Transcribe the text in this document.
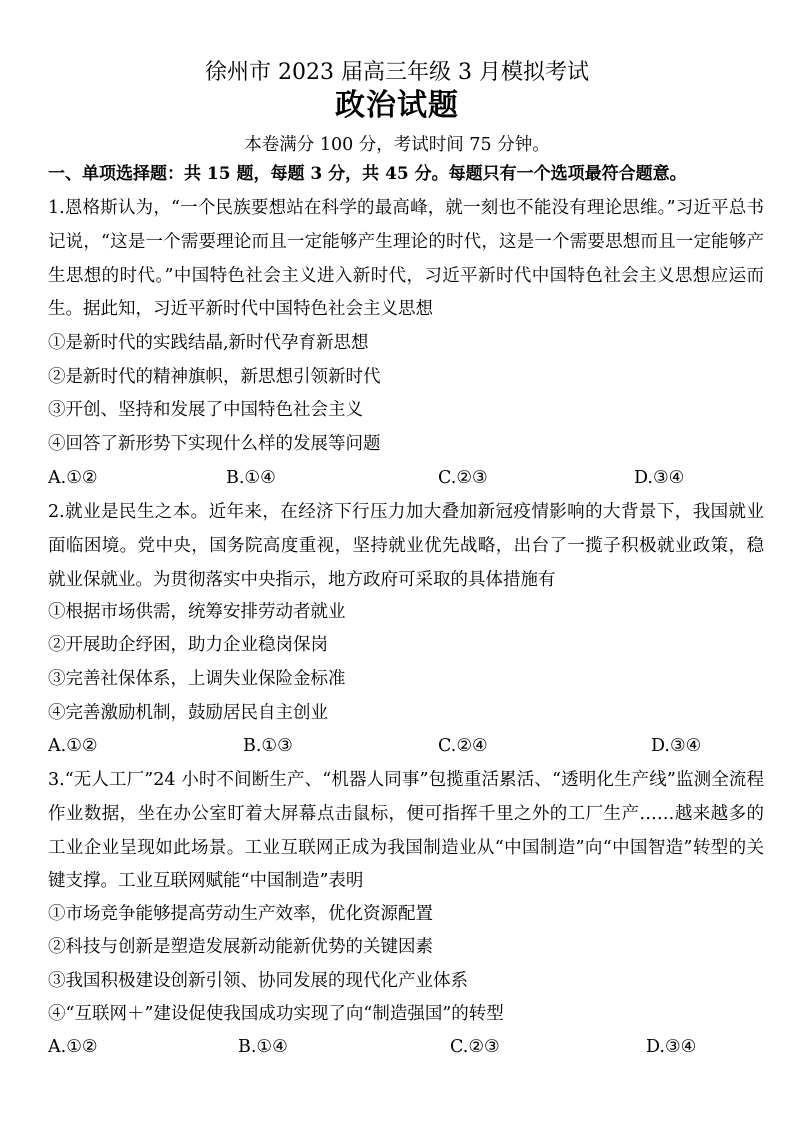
徐州市 2023 届高三年级 3 月模拟考试
政治试题
本卷满分 100 分，考试时间 75 分钟。
一、单项选择题：共 15 题，每题 3 分，共 45 分。每题只有一个选项最符合题意。
1.恩格斯认为，“一个民族要想站在科学的最高峰，就一刻也不能没有理论思维。”习近平总书记说，“这是一个需要理论而且一定能够产生理论的时代，这是一个需要思想而且一定能够产生思想的时代。”中国特色社会主义进入新时代，习近平新时代中国特色社会主义思想应运而生。据此知，习近平新时代中国特色社会主义思想
①是新时代的实践结晶,新时代孕育新思想
②是新时代的精神旗帜，新思想引领新时代
③开创、坚持和发展了中国特色社会主义
④回答了新形势下实现什么样的发展等问题
A.①②	B.①④	C.②③	D.③④
2.就业是民生之本。近年来，在经济下行压力加大叠加新冠疫情影响的大背景下，我国就业面临困境。党中央，国务院高度重视，坚持就业优先战略，出台了一揽子积极就业政策，稳就业保就业。为贯彻落实中央指示，地方政府可采取的具体措施有
①根据市场供需，统筹安排劳动者就业
②开展助企纾困，助力企业稳岗保岗
③完善社保体系，上调失业保险金标准
④完善激励机制，鼓励居民自主创业
A.①②	B.①③	C.②④	D.③④
3.“无人工厂”24 小时不间断生产、“机器人同事”包揽重活累活、“透明化生产线”监测全流程作业数据，坐在办公室盯着大屏幕点击鼠标，便可指挥千里之外的工厂生产……越来越多的工业企业呈现如此场景。工业互联网正成为我国制造业从“中国制造”向“中国智造”转型的关键支撑。工业互联网赋能“中国制造”表明
①市场竞争能够提高劳动生产效率，优化资源配置
②科技与创新是塑造发展新动能新优势的关键因素
③我国积极建设创新引领、协同发展的现代化产业体系
④“互联网＋”建设促使我国成功实现了向“制造强国”的转型
A.①②	B.①④	C.②③	D.③④
